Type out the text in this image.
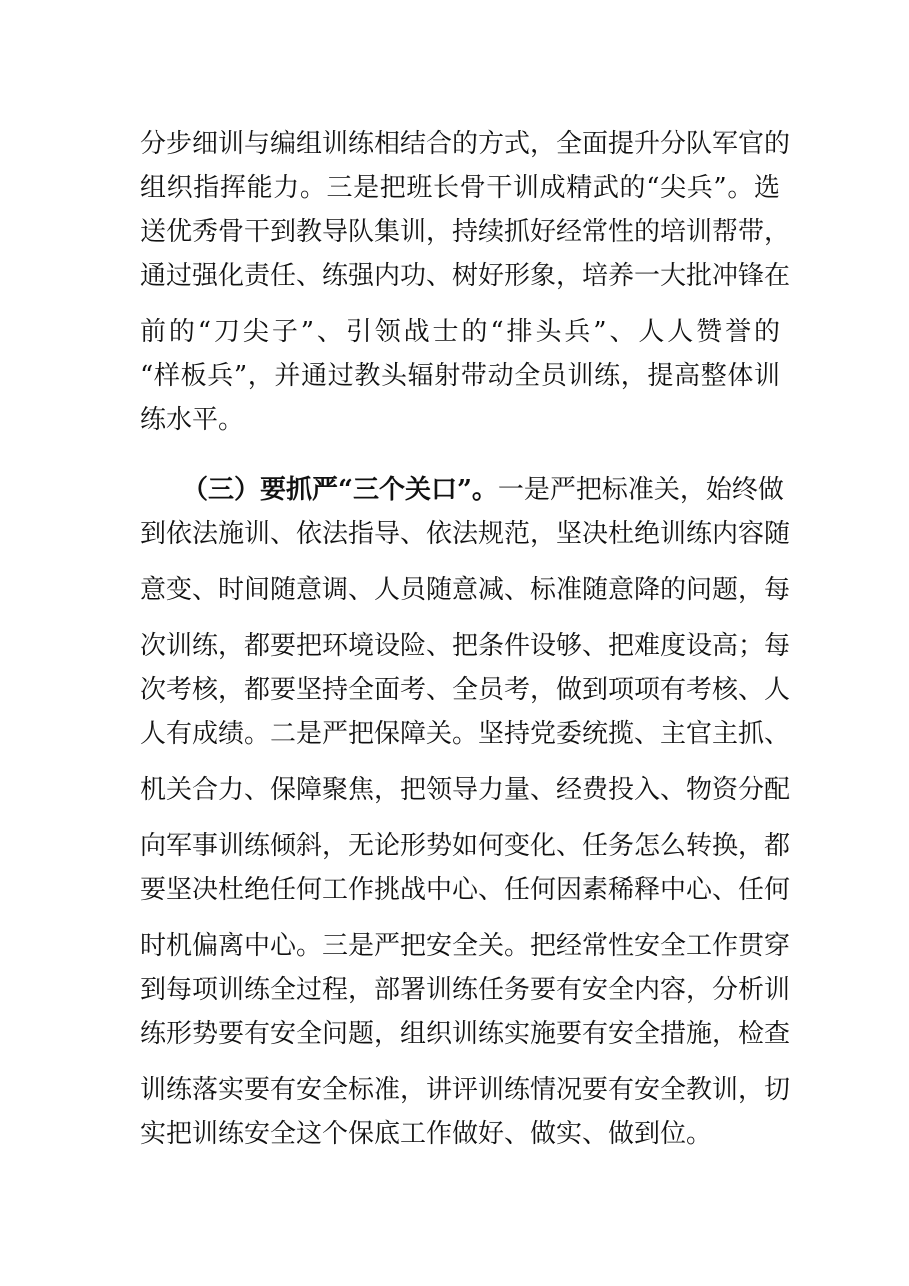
分步细训与编组训练相结合的方式，全面提升分队军官的
组织指挥能力。三是把班长骨干训成精武的“尖兵”。选
送优秀骨干到教导队集训，持续抓好经常性的培训帮带，
通过强化责任、练强内功、树好形象，培养一大批冲锋在
前的“刀尖子”、引领战士的“排头兵”、人人赞誉的
“样板兵”，并通过教头辐射带动全员训练，提高整体训
练水平。
（三）要抓严“三个关口”。一是严把标准关，始终做
到依法施训、依法指导、依法规范，坚决杜绝训练内容随
意变、时间随意调、人员随意减、标准随意降的问题，每
次训练，都要把环境设险、把条件设够、把难度设高；每
次考核，都要坚持全面考、全员考，做到项项有考核、人
人有成绩。二是严把保障关。坚持党委统揽、主官主抓、
机关合力、保障聚焦，把领导力量、经费投入、物资分配
向军事训练倾斜，无论形势如何变化、任务怎么转换，都
要坚决杜绝任何工作挑战中心、任何因素稀释中心、任何
时机偏离中心。三是严把安全关。把经常性安全工作贯穿
到每项训练全过程，部署训练任务要有安全内容，分析训
练形势要有安全问题，组织训练实施要有安全措施，检查
训练落实要有安全标准，讲评训练情况要有安全教训，切
实把训练安全这个保底工作做好、做实、做到位。
